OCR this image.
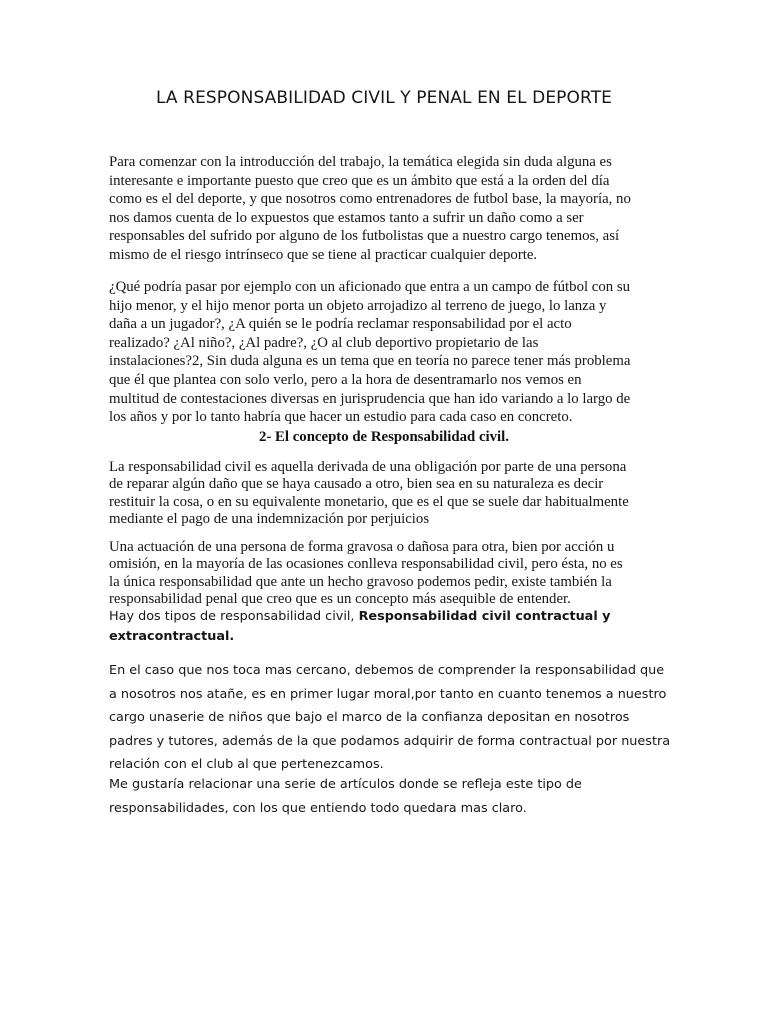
LA RESPONSABILIDAD CIVIL Y PENAL EN EL DEPORTE
Para comenzar con la introducción del trabajo, la temática elegida sin duda alguna es
interesante e importante puesto que creo que es un ámbito que está a la orden del día
como es el del deporte, y que nosotros como entrenadores de futbol base, la mayoría, no
nos damos cuenta de lo expuestos que estamos tanto a sufrir un daño como a ser
responsables del sufrido por alguno de los futbolistas que a nuestro cargo tenemos, así
mismo de el riesgo intrínseco que se tiene al practicar cualquier deporte.
¿Qué podría pasar por ejemplo con un aficionado que entra a un campo de fútbol con su
hijo menor, y el hijo menor porta un objeto arrojadizo al terreno de juego, lo lanza y
daña a un jugador?, ¿A quién se le podría reclamar responsabilidad por el acto
realizado? ¿Al niño?, ¿Al padre?, ¿O al club deportivo propietario de las
instalaciones?2, Sin duda alguna es un tema que en teoría no parece tener más problema
que él que plantea con solo verlo, pero a la hora de desentramarlo nos vemos en
multitud de contestaciones diversas en jurisprudencia que han ido variando a lo largo de
los años y por lo tanto habría que hacer un estudio para cada caso en concreto.
2- El concepto de Responsabilidad civil.
La responsabilidad civil es aquella derivada de una obligación por parte de una persona
de reparar algún daño que se haya causado a otro, bien sea en su naturaleza es decir
restituir la cosa, o en su equivalente monetario, que es el que se suele dar habitualmente
mediante el pago de una indemnización por perjuicios
Una actuación de una persona de forma gravosa o dañosa para otra, bien por acción u
omisión, en la mayoría de las ocasiones conlleva responsabilidad civil, pero ésta, no es
la única responsabilidad que ante un hecho gravoso podemos pedir, existe también la
responsabilidad penal que creo que es un concepto más asequible de entender.
Hay dos tipos de responsabilidad civil, Responsabilidad civil contractual y
extracontractual.
En el caso que nos toca mas cercano, debemos de comprender la responsabilidad que
a nosotros nos atañe, es en primer lugar moral,por tanto en cuanto tenemos a nuestro
cargo unaserie de niños que bajo el marco de la confianza depositan en nosotros
padres y tutores, además de la que podamos adquirir de forma contractual por nuestra
relación con el club al que pertenezcamos.
Me gustaría relacionar una serie de artículos donde se refleja este tipo de
responsabilidades, con los que entiendo todo quedara mas claro.
